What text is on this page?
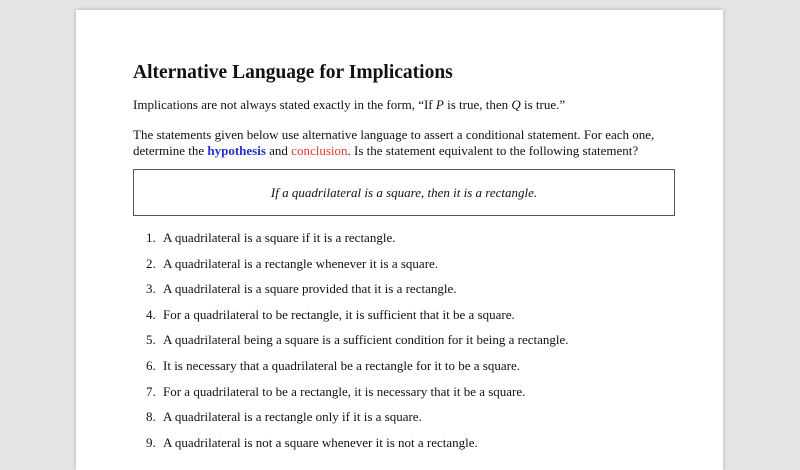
Alternative Language for Implications

Implications are not always stated exactly in the form, “If P is true, then Q is true.”

The statements given below use alternative language to assert a conditional statement. For each one, determine the hypothesis and conclusion. Is the statement equivalent to the following statement?

If a quadrilateral is a square, then it is a rectangle.
1. A quadrilateral is a square if it is a rectangle.
2. A quadrilateral is a rectangle whenever it is a square.
3. A quadrilateral is a square provided that it is a rectangle.
4. For a quadrilateral to be rectangle, it is sufficient that it be a square.
5. A quadrilateral being a square is a sufficient condition for it being a rectangle.
6. It is necessary that a quadrilateral be a rectangle for it to be a square.
7. For a quadrilateral to be a rectangle, it is necessary that it be a square.
8. A quadrilateral is a rectangle only if it is a square.
9. A quadrilateral is not a square whenever it is not a rectangle.
